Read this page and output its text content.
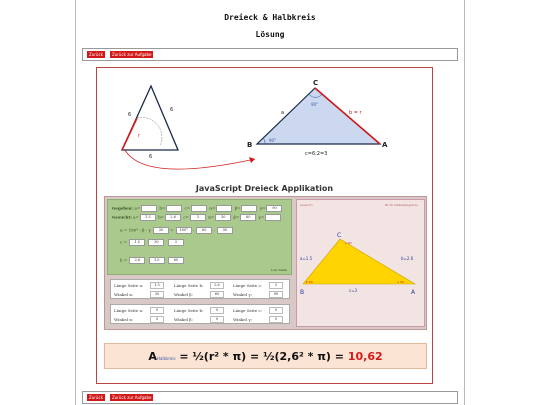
Dreieck & Halbkreis
Lösung
Zurück	Zurück zur Aufgabe
6
6
6
r
C
B	A
a	b = r
c=6:2=3
90°
90°
JavaScript Dreieck Applikation
Gegeben: a=	b=	c=	α=	β=	γ= 90
Gesucht: a= 1.5 b= 2.6 c= 3 α= 30 β= 60 γ=
α = 180° - β - γ 30 = 180° - 60 - 90
c = 1.5	30	3
b = 2.6	1.5	60
Lutz Stark
Länge Seite a:	1.5	Länge Seite b:	2.6	Länge Seite c:	3
Winkel α:	30	Winkel β:	60	Winkel γ:	90
Länge Seite a:	0	Länge Seite b:	0	Länge Seite c:	0
Winkel α:	0	Winkel β:	0	Winkel γ:	0
www(ct)	Nicht maßstabsgetreu
C
γ 90
a=1.5	b=2.6
c=3
B
β 60
A
α 30
AHalbkreis = ½(r² * π) = ½(2,6² * π) = 10,62
Zurück	Zurück zur Aufgabe
